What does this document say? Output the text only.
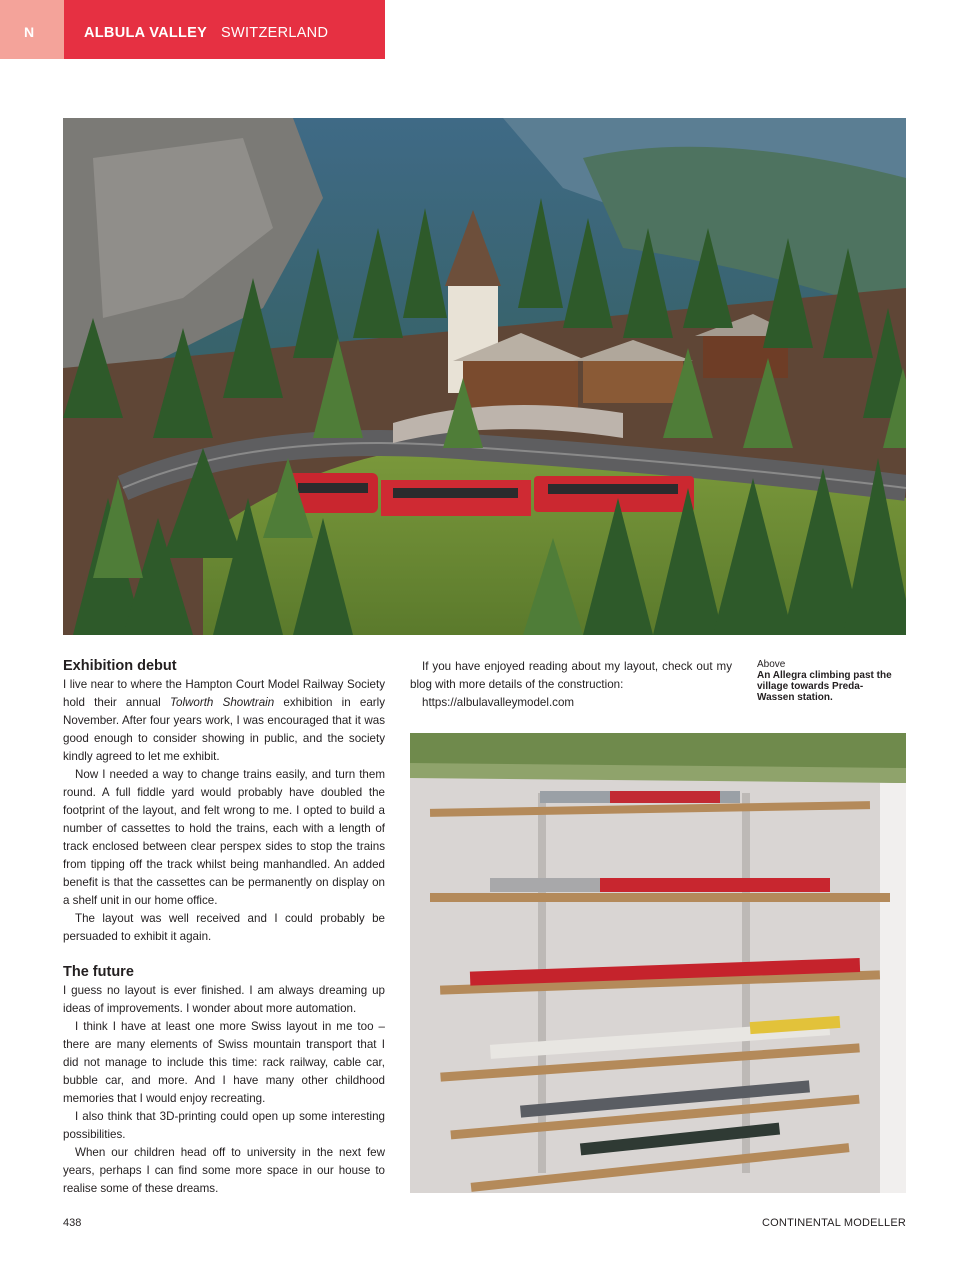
N	ALBULA VALLEY SWITZERLAND
Exhibition debut

I live near to where the Hampton Court Model Railway Society hold their annual Tolworth Showtrain exhibition in early November. After four years work, I was encouraged that it was good enough to consider showing in public, and the society kindly agreed to let me exhibit.

Now I needed a way to change trains easily, and turn them round. A full fiddle yard would probably have doubled the footprint of the layout, and felt wrong to me. I opted to build a number of cassettes to hold the trains, each with a length of track enclosed between clear perspex sides to stop the trains from tipping off the track whilst being manhandled. An added benefit is that the cassettes can be permanently on display on a shelf unit in our home office.

The layout was well received and I could probably be persuaded to exhibit it again.

The future

I guess no layout is ever finished. I am always dreaming up ideas of improvements. I wonder about more automation.

I think I have at least one more Swiss layout in me too – there are many elements of Swiss mountain transport that I did not manage to include this time: rack railway, cable car, bubble car, and more. And I have many other childhood memories that I would enjoy recreating.

I also think that 3D-printing could open up some interesting possibilities.

When our children head off to university in the next few years, perhaps I can find some more space in our house to realise some of these dreams.

If you have enjoyed reading about my layout, check out my blog with more details of the construction:

https://albulavalleymodel.com

Above
An Allegra climbing past the village towards Preda-Wassen station.
438	CONTINENTAL MODELLER
